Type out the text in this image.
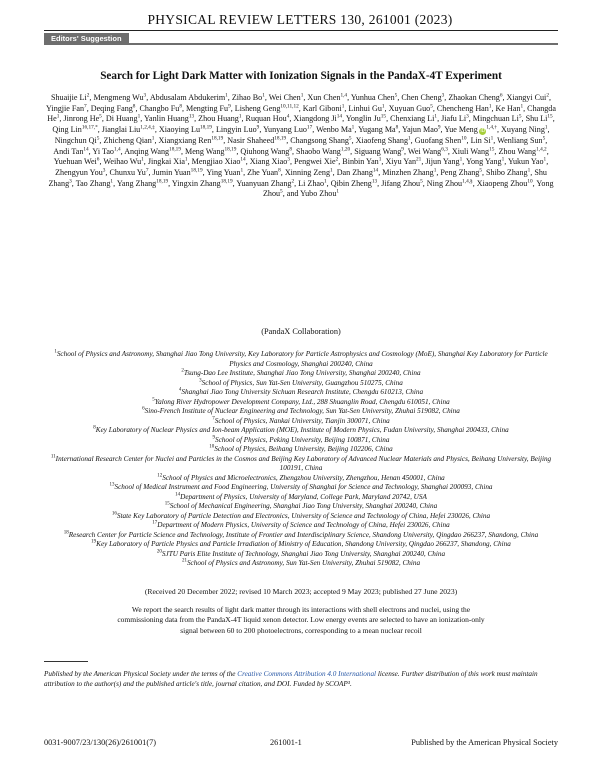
PHYSICAL REVIEW LETTERS 130, 261001 (2023)
Editors' Suggestion
Search for Light Dark Matter with Ionization Signals in the PandaX-4T Experiment
Shuaijie Li$^2$, Mengmeng Wu$^3$, Abdusalam Abdukerim$^1$, Zihao Bo$^1$, Wei Chen$^1$, Xun Chen$^{1,4}$, Yunhua Chen$^5$, Chen Cheng$^3$, Zhaokan Cheng$^6$, Xiangyi Cui$^2$, Yingjie Fan$^7$, Deqing Fang$^8$, Changbo Fu$^8$, Mengting Fu$^9$, Lisheng Geng$^{10,11,12}$, Karl Giboni$^1$, Linhui Gu$^1$, Xuyuan Guo$^5$, Chencheng Han$^1$, Ke Han$^1$, Changda He$^1$, Jinrong He$^5$, Di Huang$^1$, Yanlin Huang$^{13}$, Zhou Huang$^1$, Ruquan Hou$^4$, Xiangdong Ji$^{14}$, Yonglin Ju$^{15}$, Chenxiang Li$^1$, Jiafu Li$^3$, Mingchuan Li$^5$, Shu Li$^{15}$, Qing Lin$^{16,17,*}$, Jianglai Liu$^{1,2,4,\ddagger}$, Xiaoying Lu$^{18,19}$, Lingyin Luo$^9$, Yunyang Luo$^{17}$, Wenbo Ma$^1$, Yugang Ma$^8$, Yajun Mao$^9$, Yue Meng  $iD^{1,4,\dagger}$, Xuyang Ning$^1$, Ningchun Qi$^5$, Zhicheng Qian$^1$, Xiangxiang Ren$^{18,19}$, Nasir Shaheed$^{18,19}$, Changsong Shang$^5$, Xiaofeng Shang$^1$, Guofang Shen$^{10}$, Lin Si$^1$, Wenliang Sun$^5$, Andi Tan$^{14}$, Yi Tao$^{1,4}$, Anqing Wang$^{18,19}$, Meng Wang$^{18,19}$, Qiuhong Wang$^8$, Shaobo Wang$^{1,20}$, Siguang Wang$^9$, Wei Wang$^{6,3}$, Xiuli Wang$^{15}$, Zhou Wang$^{1,4,2}$, Yuehuan Wei$^6$, Weihao Wu$^1$, Jingkai Xia$^1$, Mengjiao Xiao$^{14}$, Xiang Xiao$^3$, Pengwei Xie$^2$, Binbin Yan$^1$, Xiyu Yan$^{21}$, Jijun Yang$^1$, Yong Yang$^1$, Yukun Yao$^1$, Zhengyun You$^3$, Chunxu Yu$^7$, Jumin Yuan$^{18,19}$, Ying Yuan$^1$, Zhe Yuan$^8$, Xinning Zeng$^1$, Dan Zhang$^{14}$, Minzhen Zhang$^1$, Peng Zhang$^5$, Shibo Zhang$^1$, Shu Zhang$^3$, Tao Zhang$^1$, Yang Zhang$^{18,19}$, Yingxin Zhang$^{18,19}$, Yuanyuan Zhang$^2$, Li Zhao$^1$, Qibin Zheng$^{13}$, Jifang Zhou$^5$, Ning Zhou$^{1,4,\S}$, Xiaopeng Zhou$^{10}$, Yong Zhou$^5$, and Yubo Zhou$^1$
(PandaX Collaboration)
$^1$School of Physics and Astronomy, Shanghai Jiao Tong University, Key Laboratory for Particle Astrophysics and Cosmology (MoE), Shanghai Key Laboratory for Particle Physics and Cosmology, Shanghai 200240, China
$^2$Tsung-Dao Lee Institute, Shanghai Jiao Tong University, Shanghai 200240, China
$^3$School of Physics, Sun Yat-Sen University, Guangzhou 510275, China
$^4$Shanghai Jiao Tong University Sichuan Research Institute, Chengdu 610213, China
$^5$Yalong River Hydropower Development Company, Ltd., 288 Shuanglin Road, Chengdu 610051, China
$^6$Sino-French Institute of Nuclear Engineering and Technology, Sun Yat-Sen University, Zhuhai 519082, China
$^7$School of Physics, Nankai University, Tianjin 300071, China
$^8$Key Laboratory of Nuclear Physics and Ion-beam Application (MOE), Institute of Modern Physics, Fudan University, Shanghai 200433, China
$^9$School of Physics, Peking University, Beijing 100871, China
$^{10}$School of Physics, Beihang University, Beijing 102206, China
$^{11}$International Research Center for Nuclei and Particles in the Cosmos and Beijing Key Laboratory of Advanced Nuclear Materials and Physics, Beihang University, Beijing 100191, China
$^{12}$School of Physics and Microelectronics, Zhengzhou University, Zhengzhou, Henan 450001, China
$^{13}$School of Medical Instrument and Food Engineering, University of Shanghai for Science and Technology, Shanghai 200093, China
$^{14}$Department of Physics, University of Maryland, College Park, Maryland 20742, USA
$^{15}$School of Mechanical Engineering, Shanghai Jiao Tong University, Shanghai 200240, China
$^{16}$State Key Laboratory of Particle Detection and Electronics, University of Science and Technology of China, Hefei 230026, China
$^{17}$Department of Modern Physics, University of Science and Technology of China, Hefei 230026, China
$^{18}$Research Center for Particle Science and Technology, Institute of Frontier and Interdisciplinary Science, Shandong University, Qingdao 266237, Shandong, China
$^{19}$Key Laboratory of Particle Physics and Particle Irradiation of Ministry of Education, Shandong University, Qingdao 266237, Shandong, China
$^{20}$SJTU Paris Elite Institute of Technology, Shanghai Jiao Tong University, Shanghai 200240, China
$^{21}$School of Physics and Astronomy, Sun Yat-Sen University, Zhuhai 519082, China
(Received 20 December 2022; revised 10 March 2023; accepted 9 May 2023; published 27 June 2023)
We report the search results of light dark matter through its interactions with shell electrons and nuclei, using the commissioning data from the PandaX-4T liquid xenon detector. Low energy events are selected to have an ionization-only signal between 60 to 200 photoelectrons, corresponding to a mean nuclear recoil
Published by the American Physical Society under the terms of the Creative Commons Attribution 4.0 International license. Further distribution of this work must maintain attribution to the author(s) and the published article's title, journal citation, and DOI. Funded by SCOAP³.
0031-9007/23/130(26)/261001(7)	261001-1	Published by the American Physical Society
